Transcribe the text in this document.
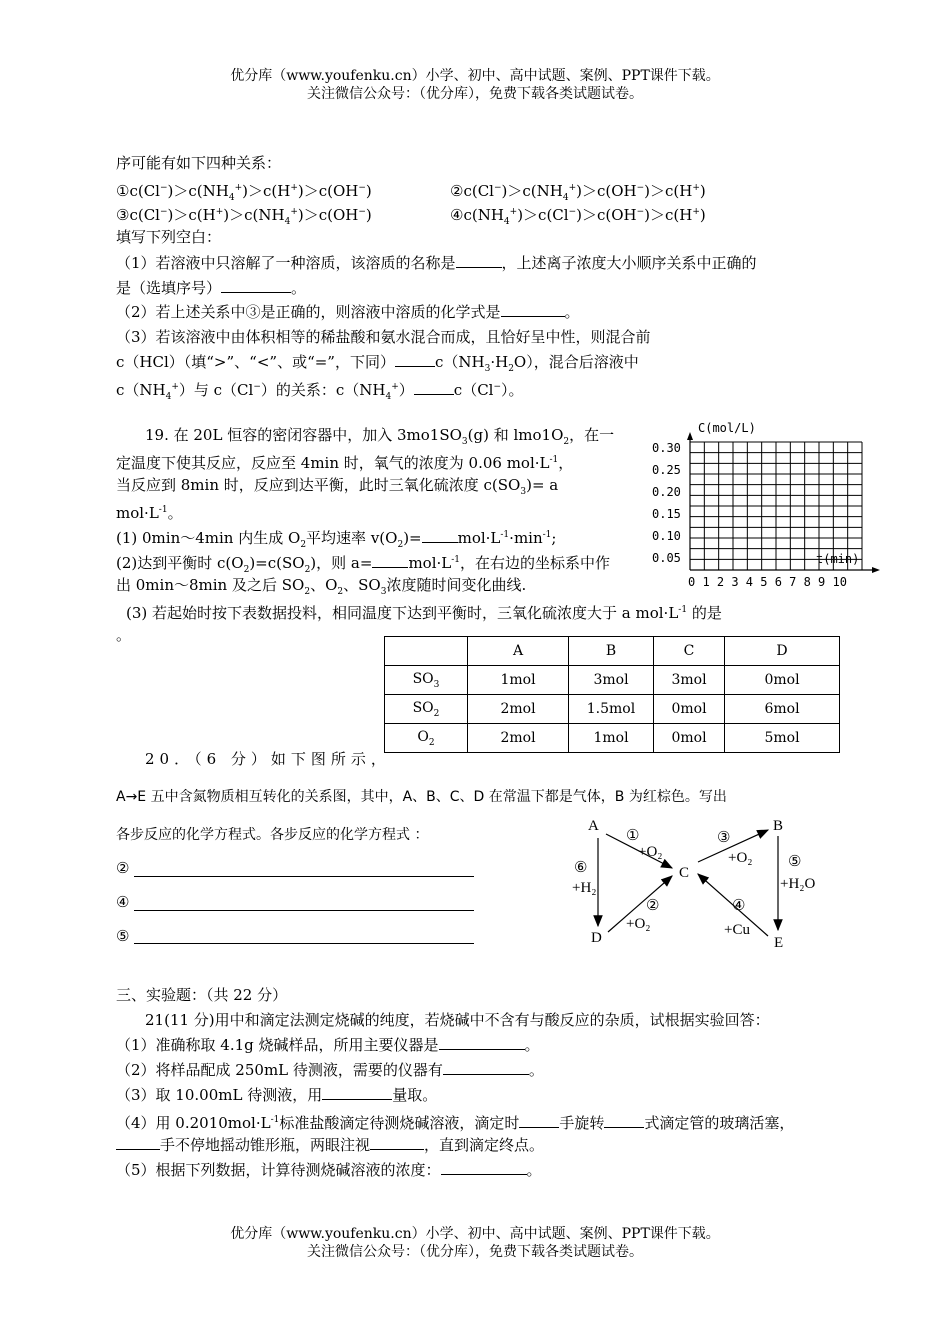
优分库（www.youfenku.cn）小学、初中、高中试题、案例、PPT课件下载。
关注微信公众号：（优分库），免费下载各类试题试卷。
序可能有如下四种关系：
$①c(Cl^-)>c(NH_4^+)>c(H^+)>c(OH^-)$	$②c(Cl^-)>c(NH_4^+)>c(OH^-)>c(H^+)$
$③c(Cl^-)>c(H^+)>c(NH_4^+)>c(OH^-)$	$④c(NH_4^+)>c(Cl^-)>c(OH^-)>c(H^+)$
填写下列空白：
（1）若溶液中只溶解了一种溶质，该溶质的名称是	，上述离子浓度大小顺序关系中正确的
是（选填序号）	。
（2）若上述关系中③是正确的，则溶液中溶质的化学式是	。
（3）若该溶液中由体积相等的稀盐酸和氨水混合而成，且恰好呈中性，则混合前
c（HCl）（填“>”、“<”、或“=”，下同）	$c(NH_3\cdot H_2O)$，混合后溶液中
$c(NH_4^+)$与 c（Cl−）的关系：$c(NH_4^+)$	c（Cl−）。
19. 在 20L 恒容的密闭容器中，加入 $3mo1SO_3(g)$ 和 $lmo1O_2$，在一
定温度下使其反应，反应至 4min 时，氧气的浓度为 0.06 $mol\cdot L^{-1}$，
当反应到 8min 时，反应到达平衡，此时三氧化硫浓度 $c(SO_3)= a$
$mol\cdot L^{-1}$。
(1) 0min～4min 内生成 $O_2$平均速率 $v(O_2)= mol\cdot L^{-1}\cdot\min^{-1}$;
(2)达到平衡时 $c(O_2)=c(SO_2)$，则 $a= mol\cdot L^{-1}$，在右边的坐标系中作
出 0min～8min 及之后 $SO_2$、$O_2$、$SO_3$浓度随时间变化曲线.
(3) 若起始时按下表数据投料，相同温度下达到平衡时，三氧化硫浓度大于 a $mol\cdot L^{-1}$ 的是
。
C(mol/L)
0.30
0.25
0.20
0.15
0.10
0.05	t(min)
0 1 2 3 4 5 6 7 8 9 10
	A	B	C	D
$SO_3$	1mol	3mol	3mol	0mol
$SO_2$	2mol	1.5mol	0mol	6mol
$O_2$	2mol	1mol	0mol	5mol
20．（6 分）如下图所示，
A→E 五中含氮物质相互转化的关系图，其中，A、B、C、D 在常温下都是气体，B 为红棕色。写出
各步反应的化学方程式。各步反应的化学方程式 ：
②
④
⑤
A	B
C
D	E
①
+O₂
③
+O₂ ⑤
+H₂O
⑥
+H₂
②
+O₂
④
+Cu
三、实验题：（共 22 分）
21(11 分)用中和滴定法测定烧碱的纯度，若烧碱中不含有与酸反应的杂质，试根据实验回答：
（1）准确称取 4.1g 烧碱样品，所用主要仪器是	。
（2）将样品配成 250mL 待测液，需要的仪器有	。
（3）取 10.00mL 待测液，用	量取。
（4）用 $0.2010mol\cdot L^{-1}$标准盐酸滴定待测烧碱溶液，滴定时	手旋转	式滴定管的玻璃活塞，
手不停地摇动锥形瓶，两眼注视	，直到滴定终点。
（5）根据下列数据，计算待测烧碱溶液的浓度：	。
优分库（www.youfenku.cn）小学、初中、高中试题、案例、PPT课件下载。
关注微信公众号：（优分库），免费下载各类试题试卷。
